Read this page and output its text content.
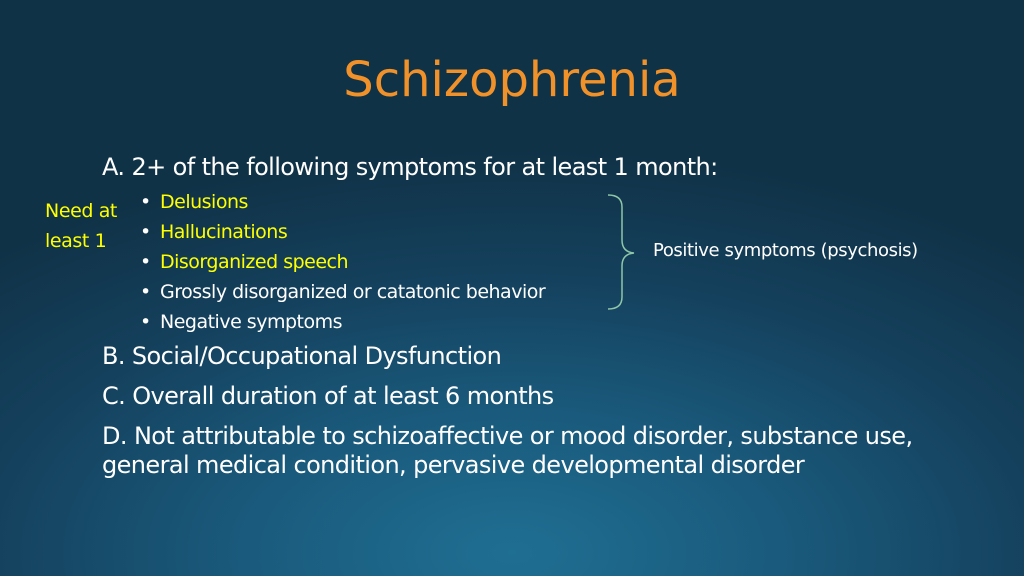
Schizophrenia
A. 2+ of the following symptoms for at least 1 month:
Need at
least 1
• Delusions
• Hallucinations
• Disorganized speech
• Grossly disorganized or catatonic behavior
• Negative symptoms
Positive symptoms (psychosis)
B. Social/Occupational Dysfunction
C. Overall duration of at least 6 months
D. Not attributable to schizoaffective or mood disorder, substance use, general medical condition, pervasive developmental disorder
